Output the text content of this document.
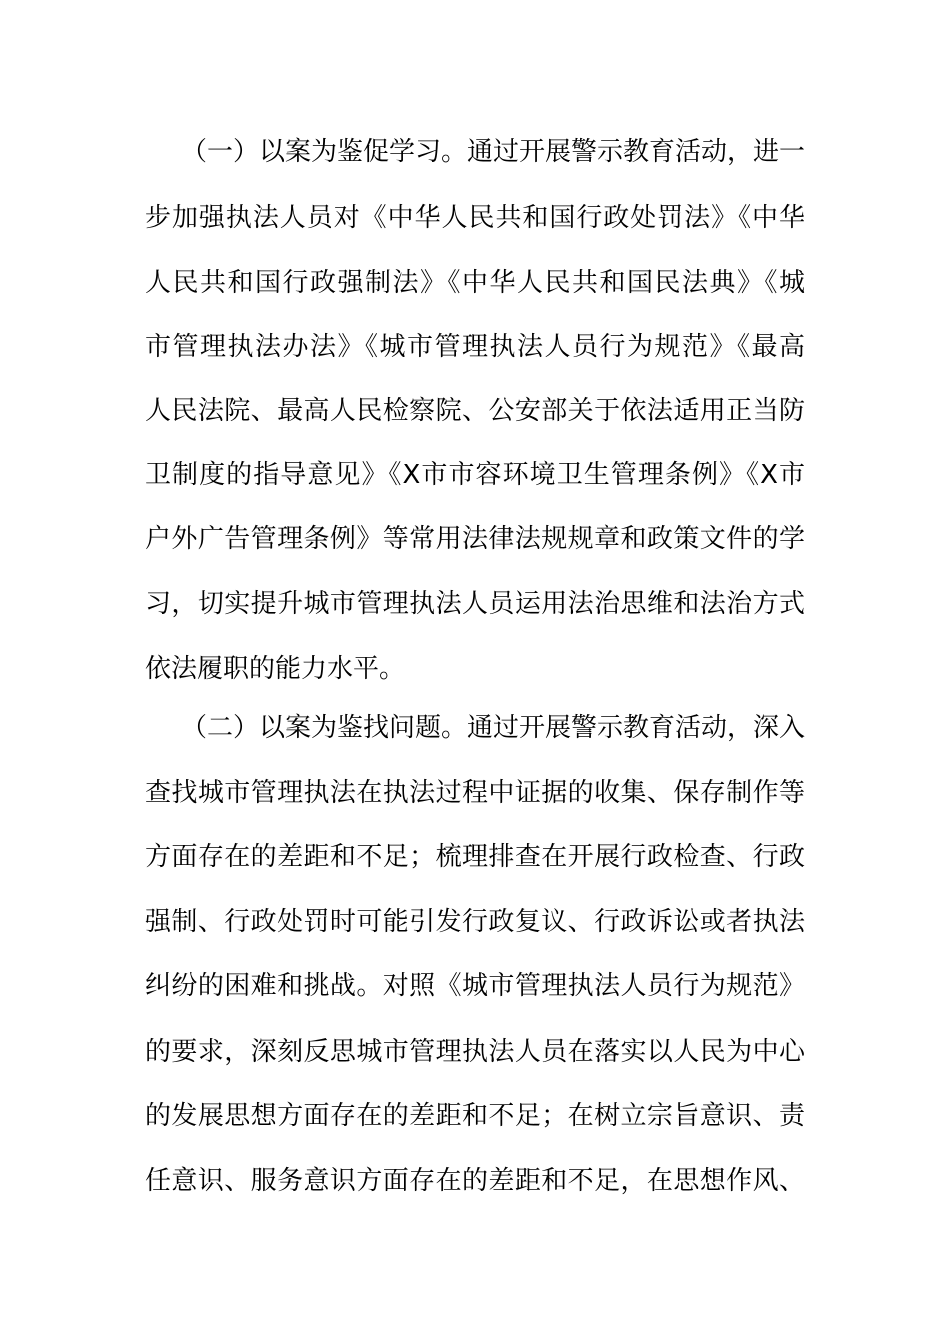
（一）以案为鉴促学习。通过开展警示教育活动，进一
步加强执法人员对《中华人民共和国行政处罚法》《中华
人民共和国行政强制法》《中华人民共和国民法典》《城
市管理执法办法》《城市管理执法人员行为规范》《最高
人民法院、最高人民检察院、公安部关于依法适用正当防
卫制度的指导意见》《X市市容环境卫生管理条例》《X市
户外广告管理条例》等常用法律法规规章和政策文件的学
习，切实提升城市管理执法人员运用法治思维和法治方式
依法履职的能力水平。
（二）以案为鉴找问题。通过开展警示教育活动，深入
查找城市管理执法在执法过程中证据的收集、保存制作等
方面存在的差距和不足；梳理排查在开展行政检查、行政
强制、行政处罚时可能引发行政复议、行政诉讼或者执法
纠纷的困难和挑战。对照《城市管理执法人员行为规范》
的要求，深刻反思城市管理执法人员在落实以人民为中心
的发展思想方面存在的差距和不足；在树立宗旨意识、责
任意识、服务意识方面存在的差距和不足，在思想作风、
